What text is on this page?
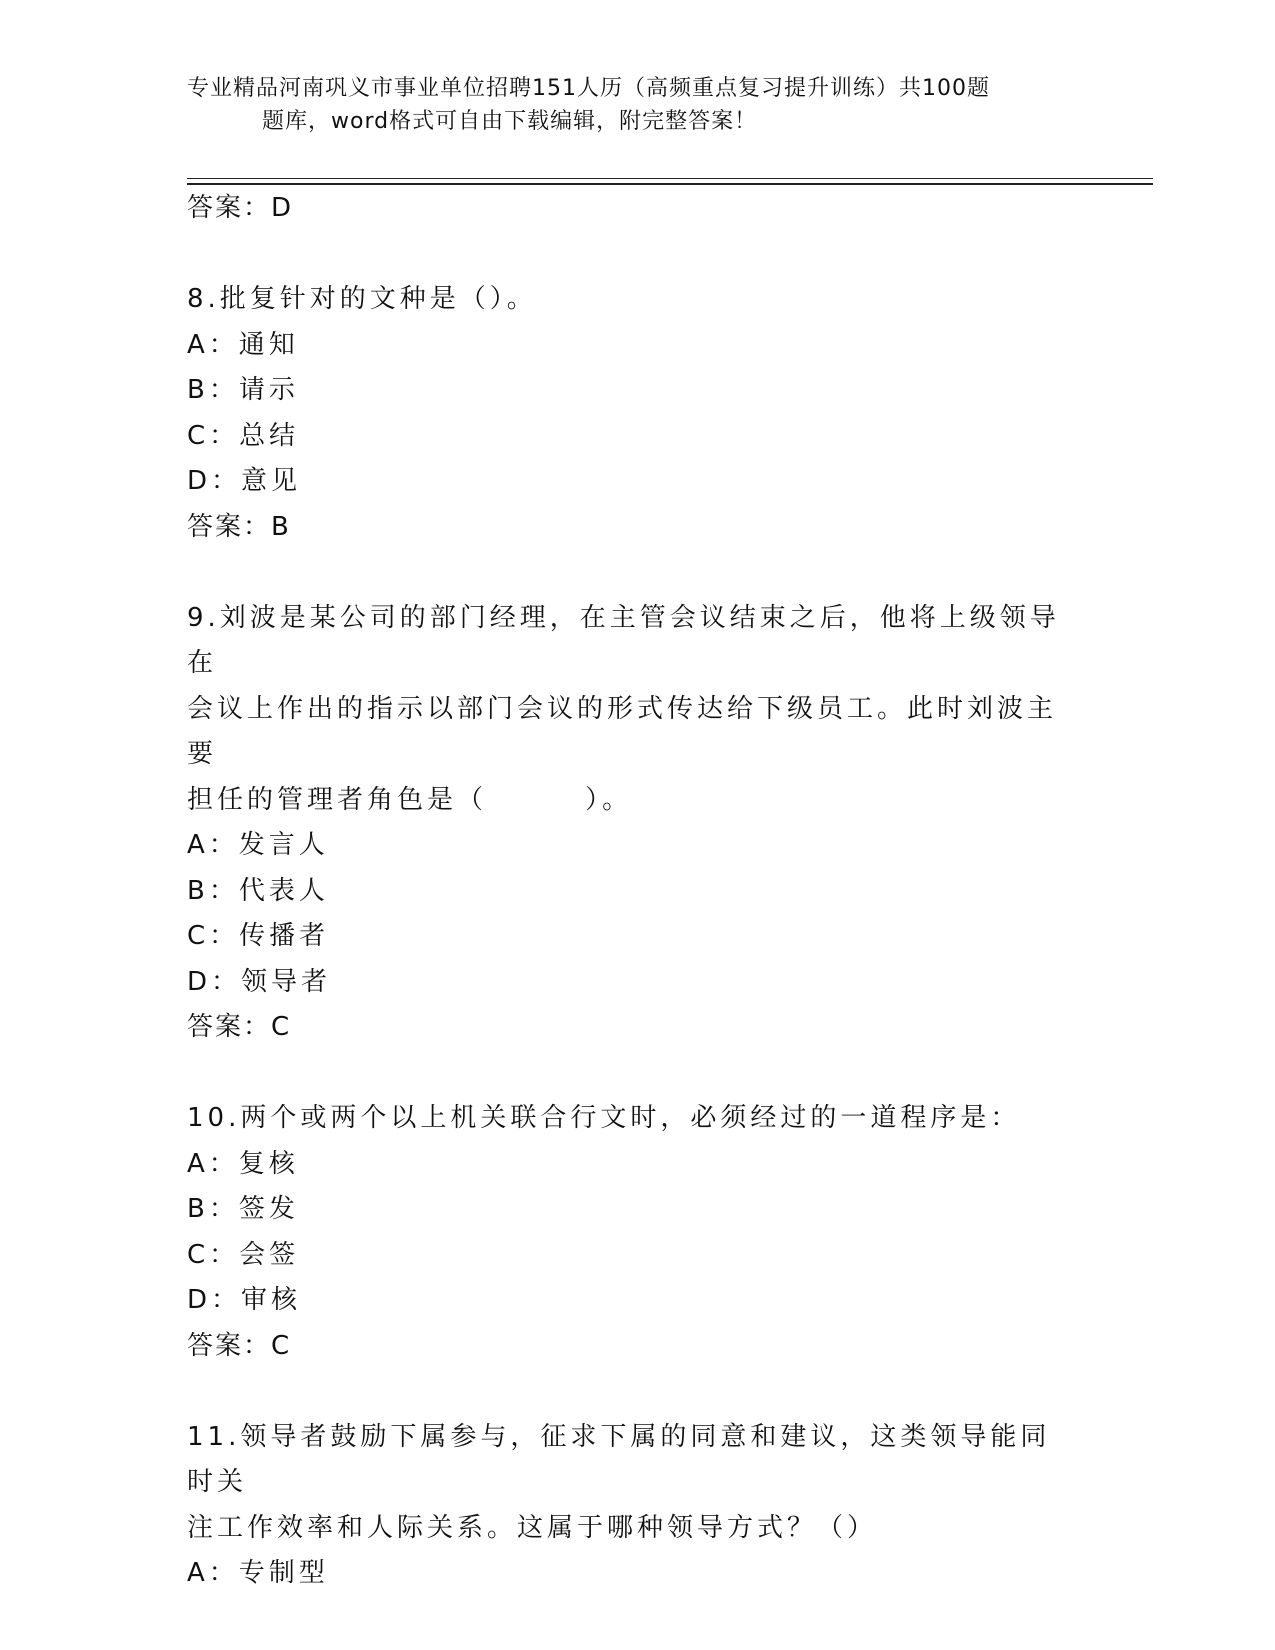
专业精品河南巩义市事业单位招聘151人历（高频重点复习提升训练）共100题
题库，word格式可自由下载编辑，附完整答案！
答案：D
8.批复针对的文种是（）。
A：通知
B：请示
C：总结
D：意见
答案：B
9.刘波是某公司的部门经理，在主管会议结束之后，他将上级领导在
会议上作出的指示以部门会议的形式传达给下级员工。此时刘波主要
担任的管理者角色是（        ）。
A：发言人
B：代表人
C：传播者
D：领导者
答案：C
10.两个或两个以上机关联合行文时，必须经过的一道程序是：
A：复核
B：签发
C：会签
D：审核
答案：C
11.领导者鼓励下属参与，征求下属的同意和建议，这类领导能同时关
注工作效率和人际关系。这属于哪种领导方式？（）
A：专制型
